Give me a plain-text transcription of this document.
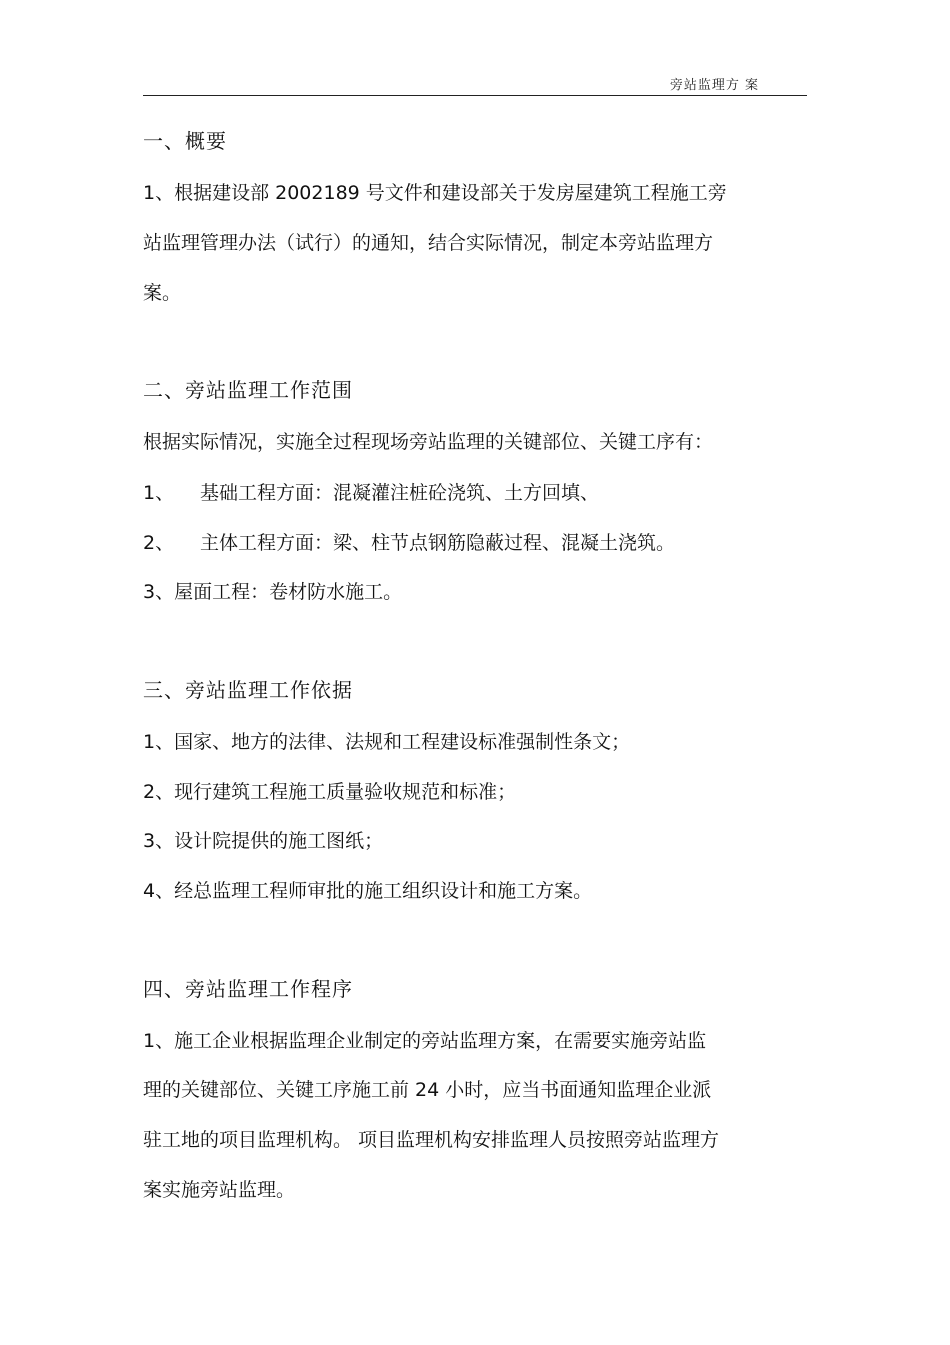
旁站监理方 案
一、概要
1、根据建设部 2002189 号文件和建设部关于发房屋建筑工程施工旁
站监理管理办法（试行）的通知，结合实际情况，制定本旁站监理方
案。
二、旁站监理工作范围
根据实际情况，实施全过程现场旁站监理的关键部位、关键工序有：
1、 基础工程方面：混凝灌注桩砼浇筑、土方回填、
2、 主体工程方面：梁、柱节点钢筋隐蔽过程、混凝土浇筑。
3、屋面工程：卷材防水施工。
三、旁站监理工作依据
1、国家、地方的法律、法规和工程建设标准强制性条文；
2、现行建筑工程施工质量验收规范和标准；
3、设计院提供的施工图纸；
4、经总监理工程师审批的施工组织设计和施工方案。
四、旁站监理工作程序
1、施工企业根据监理企业制定的旁站监理方案，在需要实施旁站监
理的关键部位、关键工序施工前 24 小时，应当书面通知监理企业派
驻工地的项目监理机构。 项目监理机构安排监理人员按照旁站监理方
案实施旁站监理。
